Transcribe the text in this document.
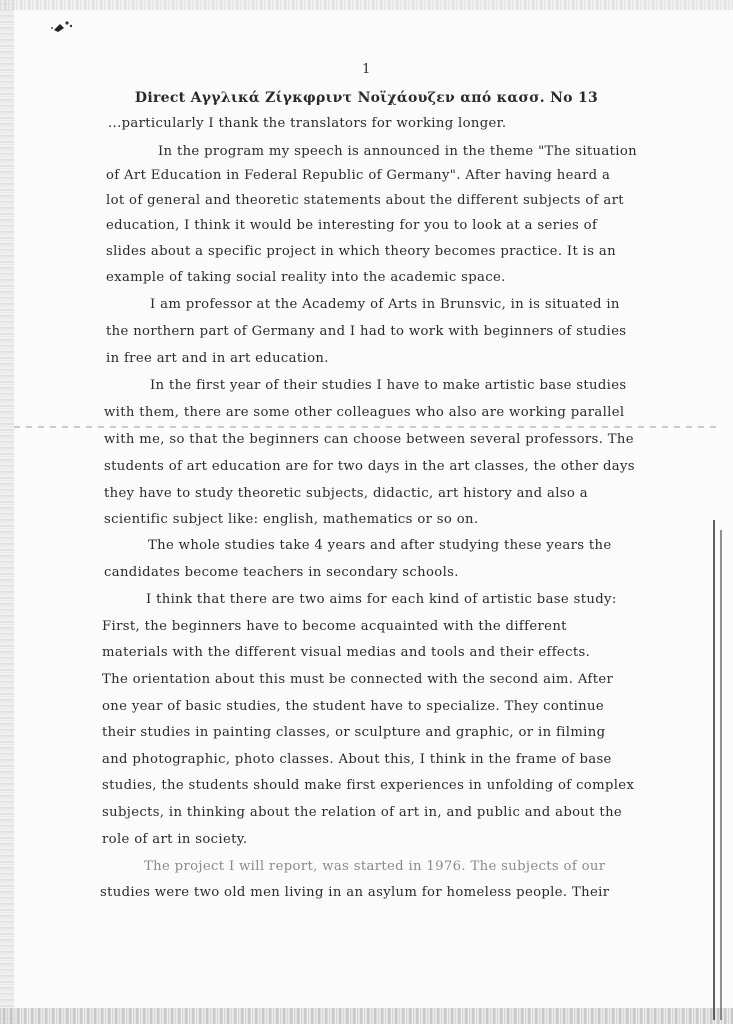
1
Direct Αγγλικά Ζίγκφριντ Νοϊχάουζεν από κασσ. Νο 13
...particularly I thank the translators for working longer.
In the program my speech is announced in the theme "The situation
of Art Education in Federal Republic of Germany". After having heard a
lot of general and theoretic statements about the different subjects of art
education, I think it would be interesting for you to look at a series of
slides about a specific project in which theory becomes practice. It is an
example of taking social reality into the academic space.
I am professor at the Academy of Arts in Brunsvic, in is situated in
the northern part of Germany and I had to work with beginners of studies
in free art and in art education.
In the first year of their studies I have to make artistic base studies
with them, there are some other colleagues who also are working parallel
with me, so that the beginners can choose between several professors. The
students of art education are for two days in the art classes, the other days
they have to study theoretic subjects, didactic, art history and also a
scientific subject like: english, mathematics or so on.
The whole studies take 4 years and after studying these years the
candidates become teachers in secondary schools.
I think that there are two aims for each kind of artistic base study:
First, the beginners have to become acquainted with the different
materials with the different visual medias and tools and their effects.
The orientation about this must be connected with the second aim. After
one year of basic studies, the student have to specialize. They continue
their studies in painting classes, or sculpture and graphic, or in filming
and photographic, photo classes. About this, I think in the frame of base
studies, the students should make first experiences in unfolding of complex
subjects, in thinking about the relation of art in, and public and about the
role of art in society.
The project I will report, was started in 1976. The subjects of our
studies were two old men living in an asylum for homeless people. Their
